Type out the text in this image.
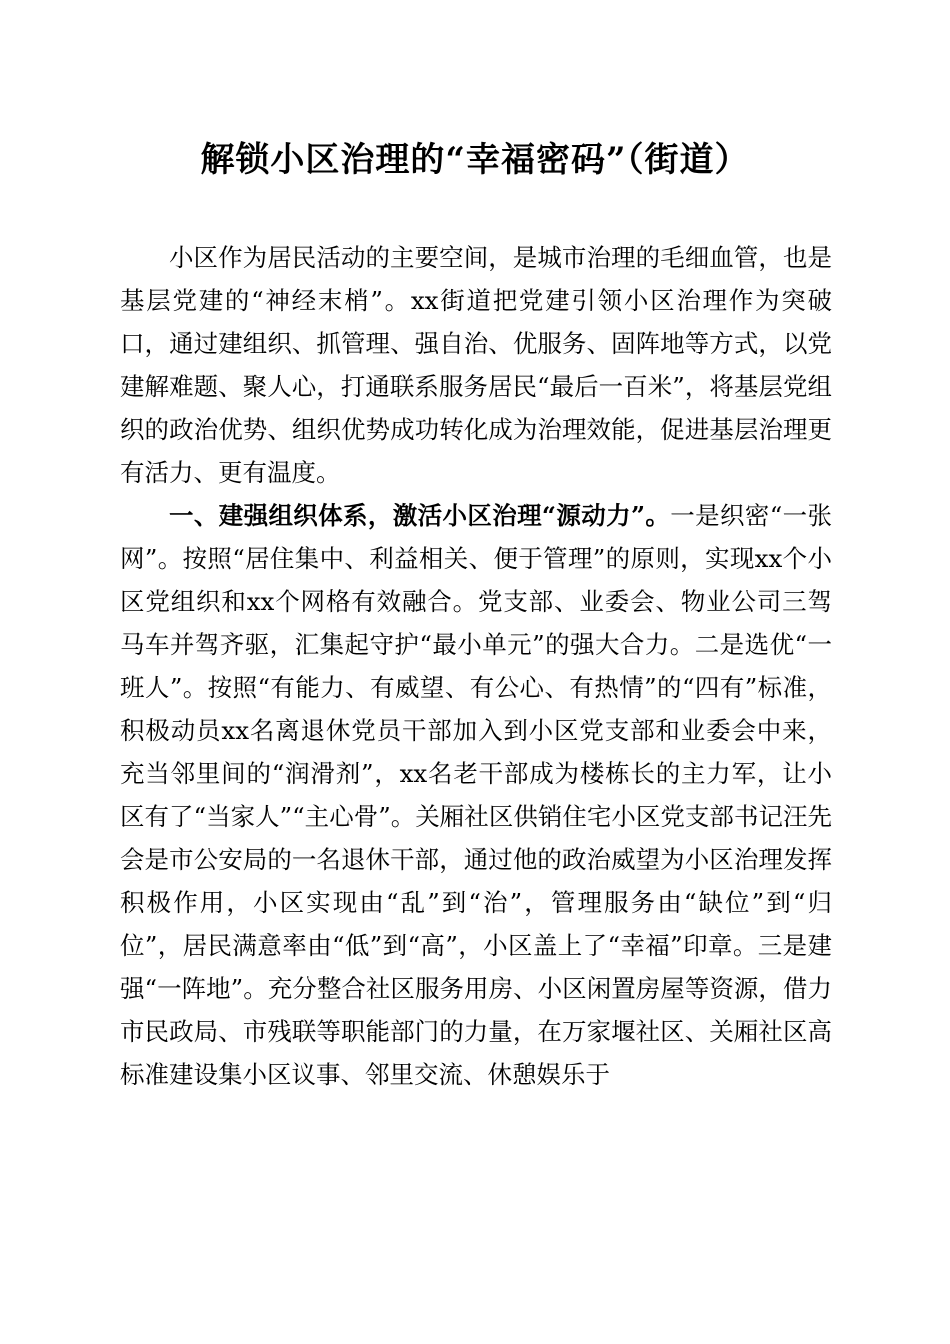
解锁小区治理的“幸福密码”（街道）

小区作为居民活动的主要空间，是城市治理的毛细血管，也是基层党建的“神经末梢”。xx街道把党建引领小区治理作为突破口，通过建组织、抓管理、强自治、优服务、固阵地等方式，以党建解难题、聚人心，打通联系服务居民“最后一百米”，将基层党组织的政治优势、组织优势成功转化成为治理效能，促进基层治理更有活力、更有温度。

一、建强组织体系，激活小区治理“源动力”。一是织密“一张网”。按照“居住集中、利益相关、便于管理”的原则，实现xx个小区党组织和xx个网格有效融合。党支部、业委会、物业公司三驾马车并驾齐驱，汇集起守护“最小单元”的强大合力。二是选优“一班人”。按照“有能力、有威望、有公心、有热情”的“四有”标准，积极动员xx名离退休党员干部加入到小区党支部和业委会中来，充当邻里间的“润滑剂”，xx名老干部成为楼栋长的主力军，让小区有了“当家人”“主心骨”。关厢社区供销住宅小区党支部书记汪先会是市公安局的一名退休干部，通过他的政治威望为小区治理发挥积极作用，小区实现由“乱”到“治”，管理服务由“缺位”到“归位”，居民满意率由“低”到“高”，小区盖上了“幸福”印章。三是建强“一阵地”。充分整合社区服务用房、小区闲置房屋等资源，借力市民政局、市残联等职能部门的力量，在万家堰社区、关厢社区高标准建设集小区议事、邻里交流、休憩娱乐于
